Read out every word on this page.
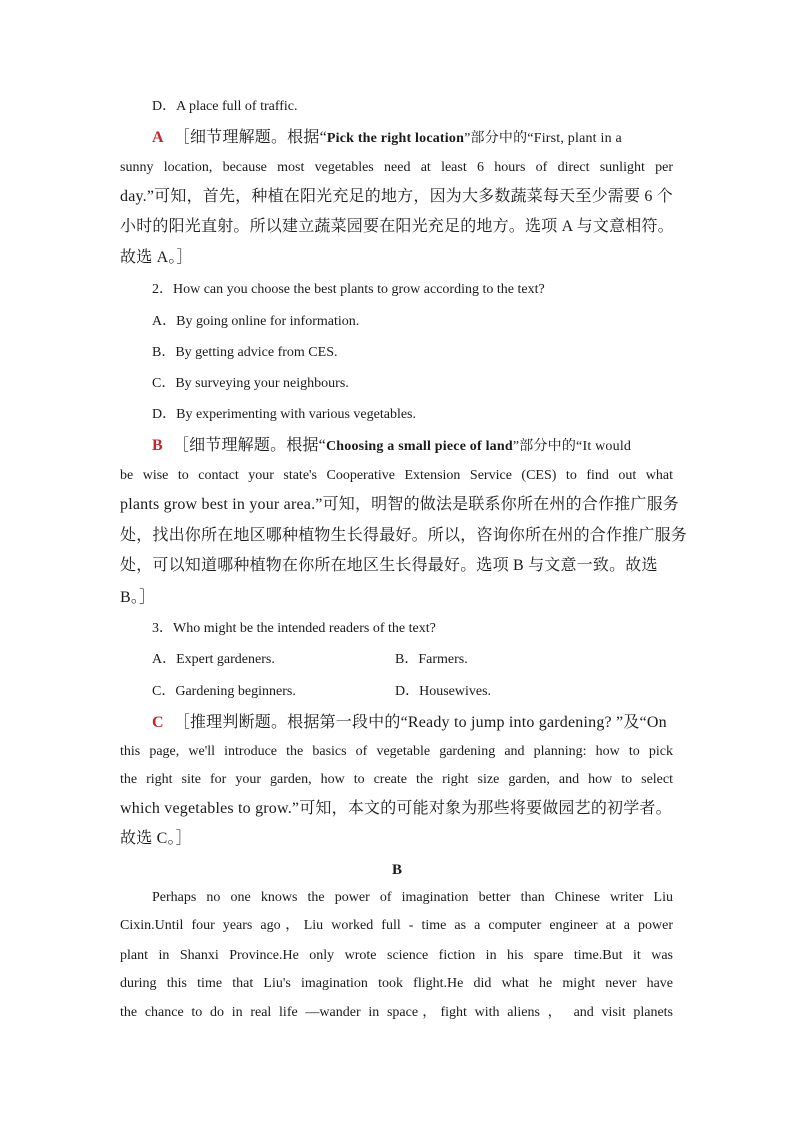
D．A place full of traffic.
A ［细节理解题。根据“Pick the right location”部分中的“First, plant in a
sunny location, because most vegetables need at least 6 hours of direct sunlight per
day.”可知，首先，种植在阳光充足的地方，因为大多数蔬菜每天至少需要 6 个
小时的阳光直射。所以建立蔬菜园要在阳光充足的地方。选项 A 与文意相符。
故选 A。］
2．How can you choose the best plants to grow according to the text?
A．By going online for information.
B．By getting advice from CES.
C．By surveying your neighbours.
D．By experimenting with various vegetables.
B ［细节理解题。根据“Choosing a small piece of land”部分中的“It would
be wise to contact your state's Cooperative Extension Service (CES) to find out what
plants grow best in your area.”可知，明智的做法是联系你所在州的合作推广服务
处，找出你所在地区哪种植物生长得最好。所以，咨询你所在州的合作推广服务
处，可以知道哪种植物在你所在地区生长得最好。选项 B 与文意一致。故选
B。］
3．Who might be the intended readers of the text?
A．Expert gardeners.	B．Farmers.
C．Gardening beginners.	D．Housewives.
C ［推理判断题。根据第一段中的“Ready to jump into gardening? ”及“On
this page, we'll introduce the basics of vegetable gardening and planning: how to pick
the right site for your garden, how to create the right size garden, and how to select
which vegetables to grow.”可知，本文的可能对象为那些将要做园艺的初学者。
故选 C。］
B
Perhaps no one knows the power of imagination better than Chinese writer Liu
Cixin.Until four years ago，Liu worked full - time as a computer engineer at a power
plant in Shanxi Province.He only wrote science fiction in his spare time.But it was
during this time that Liu's imagination took flight.He did what he might never have
the chance to do in real life —wander in space，fight with aliens ， and visit planets
